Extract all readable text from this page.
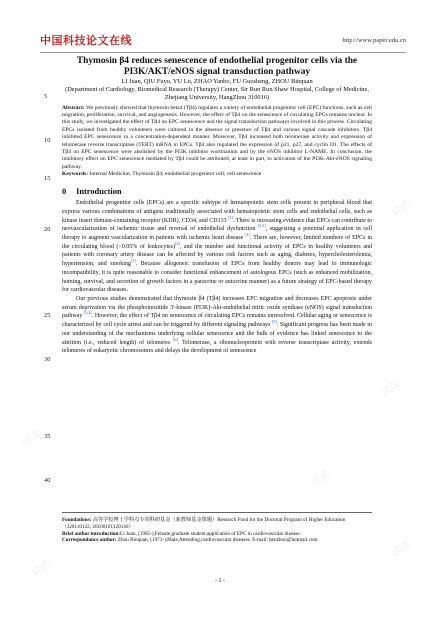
试读
试读
试读
试读
试读
试读
试读
试读
中国科技论文在线	http://www.paper.edu.cn
5
10
15
20
25
30
35
40
Thymosin β4 reduces senescence of endothelial progenitor cells via the PI3K/AKT/eNOS signal transduction pathway

LI Juan, QIU Fuyu, YU Lu, ZHAO Yanbo, FU Guosheng, ZHOU Binquan

(Department of Cardiology, Biomedical Research (Therapy) Center, Sir Run Run Shaw Hospital, College of Medicine, Zhejiang University, HangZhou 310016)

Abstract: We previously showed that thymosin beta4 (Tβ4) regulates a variety of endothelial progenitor cell (EPC) functions, such as cell migration, proliferation, survival, and angiogenesis. However, the effect of Tβ4 on the senescence of circulating EPCs remains unclear. In this study, we investigated the effect of Tβ4 on EPC senescence and the signal transduction pathways involved in this process. Circulating EPCs isolated from healthy volunteers were cultured in the absence or presence of Tβ4 and various signal cascade inhibitors. Tβ4 inhibited EPC senescence in a concentration-dependent manner. Moreover, Tβ4 increased both telomerase activity and expression of telomerase reverse transcriptase (TERT) mRNA in EPCs. Tβ4 also regulated the expression of p21, p27, and cyclin D1. The effects of Tβ4 on EPC senescence were abolished by the PI3K inhibitor wortmannin and by the eNOS inhibitor L-NAME. In conclusion, the inhibitory effect on EPC senescence mediated by Tβ4 could be attributed, at least in part, to activation of the PI3K-Akt-eNOS signaling pathway.
Keywords: Internal Medicine; Thymosin β4; endothelial progenitor cell; cell senescence
0 Introduction

Endothelial progenitor cells (EPCs) are a specific subtype of hematopoietic stem cells present in peripheral blood that express various combinations of antigens traditionally associated with hematopoietic stem cells and endothelial cells, such as kinase insert domain-containing receptor (KDR), CD34, and CD133 [1]. There is increasing evidence that EPCs can contribute to neovascularization of ischemic tissue and reversal of endothelial dysfunction [2,3], suggesting a potential application in cell therapy to augment vascularization in patients with ischemic heart disease [1]. There are, however, limited numbers of EPCs in the circulating blood (<0.05% of leukocytes)[2], and the number and functional activity of EPCs in healthy volunteers and patients with coronary artery disease can be affected by various risk factors such as aging, diabetes, hypercholesterolemia, hypertension, and smoking[1]. Because allogeneic transfusion of EPCs from healthy donors may lead to immunologic incompatibility, it is quite reasonable to consider functional enhancement of autologous EPCs (such as enhanced mobilization, homing, survival, and secretion of growth factors in a paracrine or autocrine manner) as a future strategy of EPC-based therapy for cardiovascular diseases.

Our previous studies demonstrated that thymosin β4 (Tβ4) increases EPC migration and decreases EPC apoptosis under serum deprivation via the phosphoinositide 3'-kinase (PI3K)-Akt-endothelial nitric oxide synthase (eNOS) signal transduction pathway [3,4]. However, the effect of Tβ4 on senescence of circulating EPCs remains unresolved. Cellular aging or senescence is characterized by cell cycle arrest and can be triggered by different signaling pathways [5]. Significant progress has been made in our understanding of the mechanisms underlying cellular senescence and the bulk of evidence has linked senescence to the attrition (i.e., reduced length) of telomeres [6]. Telomerase, a ribonucleoprotein with reverse transcriptase activity, extends telomeres of eukaryotic chromosomes and delays the development of senescence

Foundations: 高等学校博士学科点专项科研基金（新教师基金课题）Research Fund for the Doctoral Program of Higher Education （J20110122, 20100101120140）
Brief author introduction:Li Juan, (1985-),Female,graduate student,application of EPC in cardiovascular disease.
Correspondance author: Zhou Binquan, (1971-),Male,Attending,cardiovascular diseases. E-mail: benzhou@hotmail.com
- 1 -
